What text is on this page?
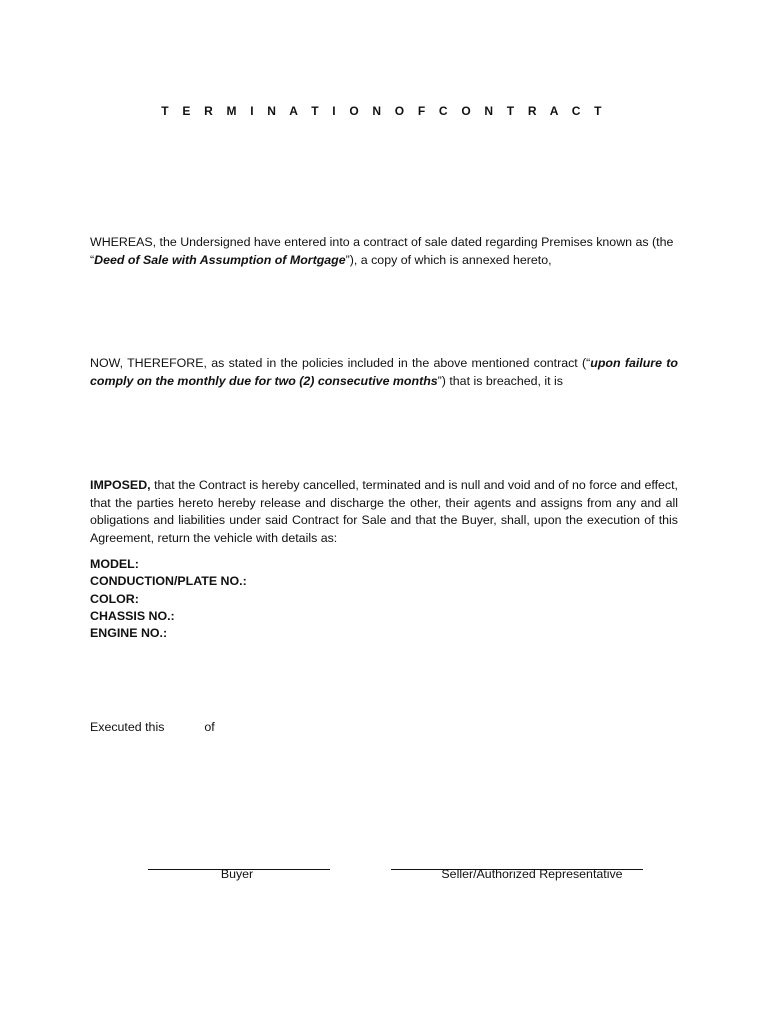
T E R M I N A T I O N O F C O N T R A C T
WHEREAS, the Undersigned have entered into a contract of sale dated regarding Premises known as (the “Deed of Sale with Assumption of Mortgage”), a copy of which is annexed hereto,
NOW, THEREFORE, as stated in the policies included in the above mentioned contract (“upon failure to comply on the monthly due for two (2) consecutive months”) that is breached, it is
IMPOSED, that the Contract is hereby cancelled, terminated and is null and void and of no force and effect, that the parties hereto hereby release and discharge the other, their agents and assigns from any and all obligations and liabilities under said Contract for Sale and that the Buyer, shall, upon the execution of this Agreement, return the vehicle with details as:
MODEL:
CONDUCTION/PLATE NO.:
COLOR:
CHASSIS NO.:
ENGINE NO.:
Executed this	of
Buyer	Seller/Authorized Representative
